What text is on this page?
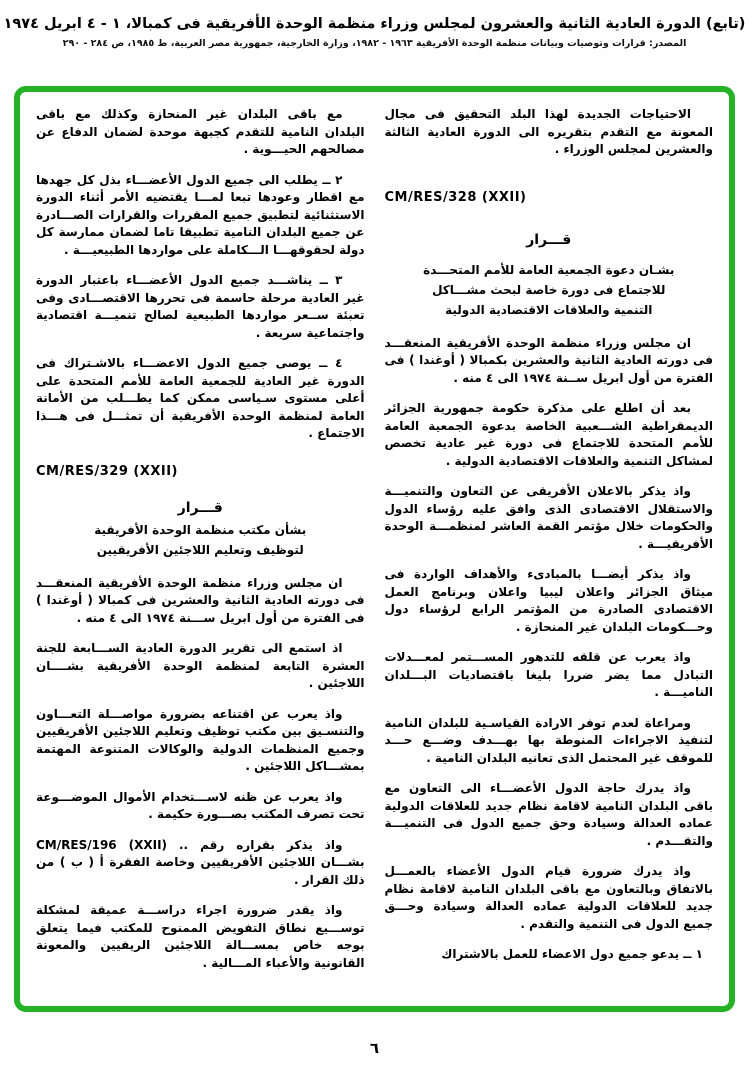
(تابع) الدورة العادية الثانية والعشرون لمجلس وزراء منظمة الوحدة الأفريقية فى كمبالا، ١ - ٤ ابريل ١٩٧٤
المصدر: قرارات وتوصيات وبيانات منظمة الوحدة الأفريقية ١٩٦٣ - ١٩٨٢، وزارة الخارجية، جمهورية مصر العربية، ط ١٩٨٥، ص ٢٨٤ - ٢٩٠

الاحتياجات الجديدة لهذا البلد التحقيق فى مجال المعونة مع التقدم بتقريره الى الدورة العادية الثالثة والعشرين لمجلس الوزراء .

CM/RES/328 (XXII)
قـــرار
بشـان دعوة الجمعية العامة للأمم المتحـــدة
للاجتماع فى دورة خاصة لبحث مشـــاكل
التنمية والعلاقات الاقتصادية الدولية

ان مجلس وزراء منظمة الوحدة الأفريقية المنعقـــد فى دورته العادية الثانية والعشرين بكمبالا ( أوغندا ) فى الفترة من أول ابريل ســنة ١٩٧٤ الى ٤ منه .

بعد أن اطلع على مذكرة حكومة جمهورية الجزائر الديمقراطية الشـــعبية الخاصة بدعوة الجمعية العامة للأمم المتحدة للاجتماع فى دورة غير عادية تخصص لمشاكل التنمية والعلاقات الاقتصادية الدولية .

واذ يذكر بالاعلان الأفريقى عن التعاون والتنميـــة والاستقلال الاقتصادى الذى وافق عليه رؤساء الدول والحكومات خلال مؤتمر القمة العاشر لمنظمـــة الوحدة الأفريقيـــة .

واذ يذكر أيضـــا بالمبادىء والأهداف الواردة فى ميثاق الجزائر واعلان ليبيا واعلان وبرنامج العمل الاقتصادى الصادرة من المؤتمر الرابع لرؤساء دول وحـــكومات البلدان غير المنحازة .

واذ يعرب عن قلقه للتدهور المســـتمر لمعـــدلات التبادل مما يضر ضررا بليغا باقتصاديات البـــلدان الناميـــة .

ومراعاة لعدم توفر الارادة القياسـية للبلدان النامية لتنفيذ الاجراءات المنوطة بها بهـــدف وضـــع حـــد للموقف غير المحتمل الذى تعانيه البلدان النامية .

واذ يدرك حاجة الدول الأعضـــاء الى التعاون مع باقى البلدان النامية لاقامة نظام جديد للعلاقات الدولية عماده العدالة وسيادة وحق جميع الدول فى التنميـــة والتقـــدم .

واذ يدرك ضرورة قيام الدول الأعضاء بالعمـــل بالاتفاق وبالتعاون مع باقى البلدان النامية لاقامة نظام جديد للعلاقات الدولية عماده العدالة وسيادة وحـــق جميع الدول فى التنمية والتقدم .

١ ــ يدعو جميع دول الاعضاء للعمل بالاشتراك

مع باقى البلدان غير المنحازة وكذلك مع باقى البلدان النامية للتقدم كجبهة موحدة لضمان الدفاع عن مصالحهم الحيـــوية .

٢ ــ يطلب الى جميع الدول الأعضـــاء بذل كل جهدها مع اقطار وعودها تبعا لمـــا يقتضيه الأمر أثناء الدورة الاستثنائية لتطبيق جميع المقررات والقرارات الصـــادرة عن جميع البلدان النامية تطبيقا تاما لضمان ممارسة كل دولة لحقوقهـــا الـــكاملة على مواردها الطبيعيـــة .

٣ ــ يناشـــد جميع الدول الأعضـــاء باعتبار الدورة غير العادية مرحلة حاسمة فى تحررها الاقتصـــادى وفى تعبئة ســعر مواردها الطبيعية لصالح تنميـــة اقتصادية واجتماعية سريعة .

٤ ــ يوصى جميع الدول الاعضـــاء بالاشـتراك فى الدورة غير العادية للجمعية العامة للأمم المتحدة على أعلى مستوى سـياسى ممكن كما يطـــلب من الأمانة العامة لمنظمة الوحدة الأفريقية أن تمثـــل فى هـــذا الاجتماع .

CM/RES/329 (XXII)
قـــرار
بشأن مكتب منظمة الوحدة الأفريقية
لتوظيف وتعليم اللاجئين الأفريقيين

ان مجلس وزراء منظمة الوحدة الأفريقية المنعقـــد فى دورته العادية الثانية والعشرين فى كمبالا ( أوغندا ) فى الفترة من أول ابريل ســـنة ١٩٧٤ الى ٤ منه .

اذ استمع الى تقرير الدورة العادية الســـابعة للجنة العشرة التابعة لمنظمة الوحدة الأفريقية بشــــان اللاجئين .

واذ يعرب عن اقتناعه بضرورة مواصـــلة التعـــاون والتنسـيق بين مكتب توظيف وتعليم اللاجئين الأفريقيين وجميع المنظمات الدولية والوكالات المتنوعة المهتمة بمشـــاكل اللاجئين .

واذ يعرب عن ظنه لاســـتخدام الأموال الموضـــوعة تحت تصرف المكتب بصـــورة حكيمة .

واذ يذكر بقراره رقم .. CM/RES/196 (XXII) بشـــان اللاجئين الأفريقيين وخاصة الفقرة أ ( ب ) من ذلك القرار .

واذ يقدر ضرورة اجراء دراســـة عميقة لمشكلة توســـيع نطاق التفويض الممنوح للمكتب فيما يتعلق بوجه خاص بمســـالة اللاجئين الريفيين والمعونة القانونية والأعباء المـــالية .

٦
